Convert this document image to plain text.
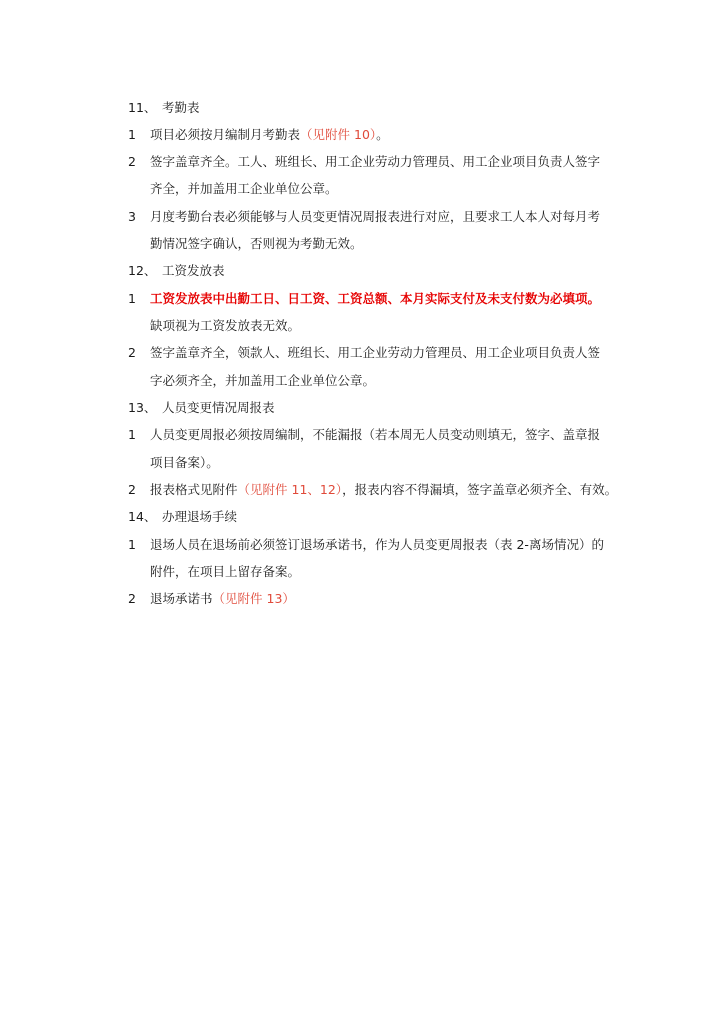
11、 考勤表
1 项目必须按月编制月考勤表（见附件 10）。
2 签字盖章齐全。工人、班组长、用工企业劳动力管理员、用工企业项目负责人签字
齐全，并加盖用工企业单位公章。
3 月度考勤台表必须能够与人员变更情况周报表进行对应，且要求工人本人对每月考
勤情况签字确认，否则视为考勤无效。
12、 工资发放表
1 工资发放表中出勤工日、日工资、工资总额、本月实际支付及未支付数为必填项。
缺项视为工资发放表无效。
2 签字盖章齐全，领款人、班组长、用工企业劳动力管理员、用工企业项目负责人签
字必须齐全，并加盖用工企业单位公章。
13、 人员变更情况周报表
1 人员变更周报必须按周编制，不能漏报（若本周无人员变动则填无，签字、盖章报
项目备案）。
2 报表格式见附件（见附件 11、12），报表内容不得漏填，签字盖章必须齐全、有效。
14、 办理退场手续
1 退场人员在退场前必须签订退场承诺书，作为人员变更周报表（表 2-离场情况）的
附件，在项目上留存备案。
2 退场承诺书（见附件 13）
